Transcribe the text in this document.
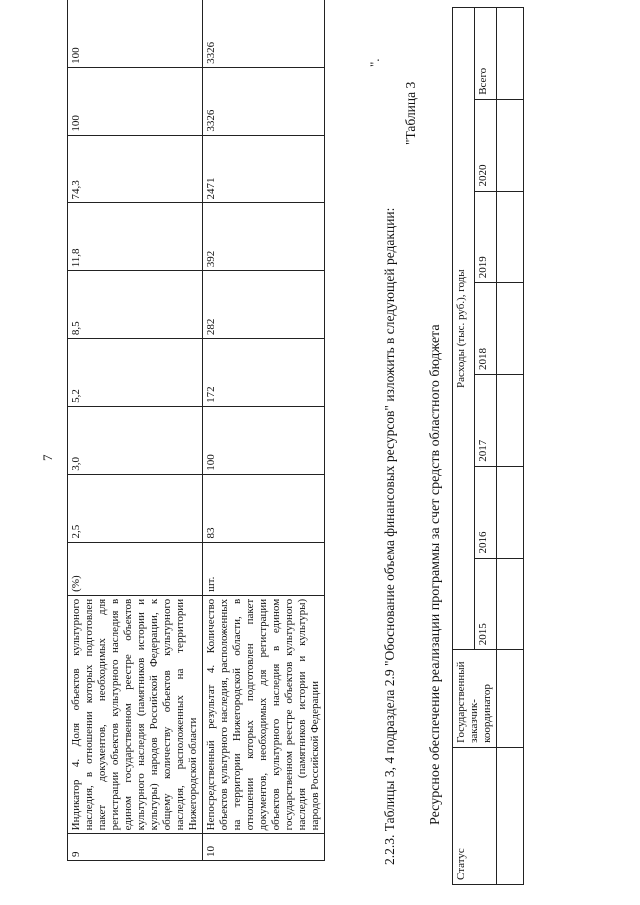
7
9	Индикатор 4. Доля объектов культурного наследия, в отношении которых подготовлен пакет документов, необходимых для регистрации объектов культурного наследия в едином государственном реестре объектов культурного наследия (памятников истории и культуры) народов Российской Федерации, к общему количеству объектов культурного наследия, расположенных на территории Нижегородской области	(%)	2,5	3,0	5,2	8,5	11,8	74,3	100	100
10	Непосредственный результат 4. Количество объектов культурного наследия, расположенных на территории Нижегородской области, в отношении которых подготовлен пакет документов, необходимых для регистрации объектов культурного наследия в едином государственном реестре объектов культурного наследия (памятников истории и культуры) народов Российской Федерации	шт.	83	100	172	282	392	2471	3326	3326	".
2.2.3. Таблицы 3, 4 подраздела 2.9 "Обоснование объема финансовых ресурсов" изложить в следующей редакции:
"Таблица 3
Ресурсное обеспечение реализации программы за счет средств областного бюджета
Статус	Государственный заказчик-координатор	Расходы (тыс. руб.), годы						
		2015	2016	2017	2018	2019	2020	Всего
